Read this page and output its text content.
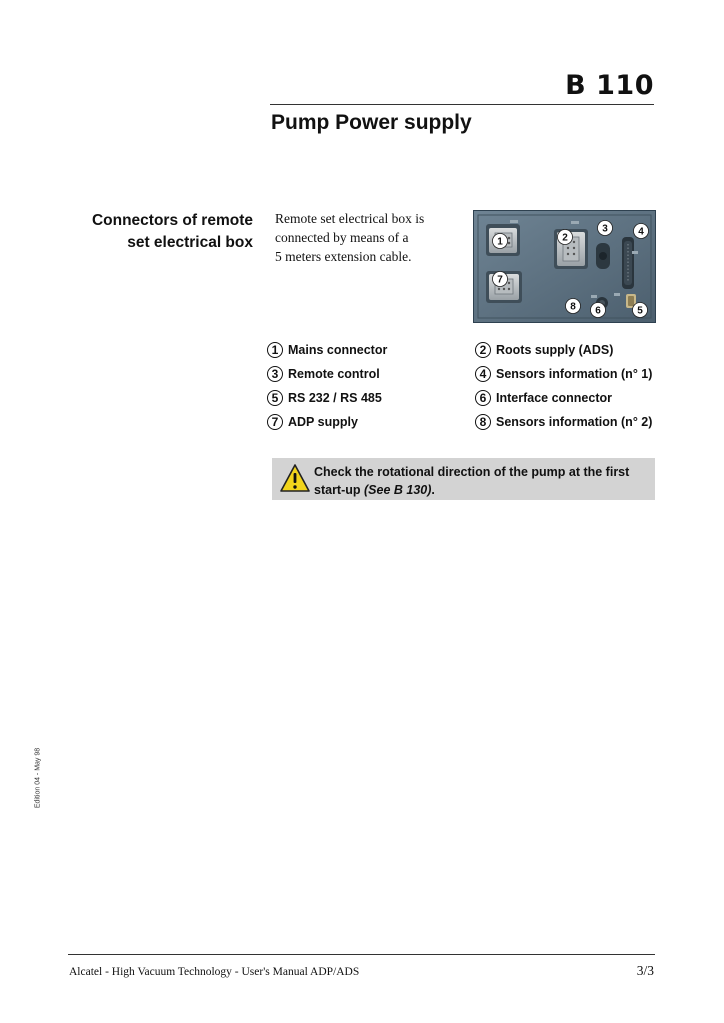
B 110
Pump Power supply
Connectors of remote
set electrical box
Remote set electrical box is
connected by means of a
5 meters extension cable.
1	2
3	4
5
6
7
8
1 Mains connector	2 Roots supply (ADS)
3 Remote control	4 Sensors information (n° 1)
5 RS 232 / RS 485	6 Interface connector
7 ADP supply	8 Sensors information (n° 2)
Check the rotational direction of the pump at the first start-up (See B 130).
Edition 04 - May 98
Alcatel - High Vacuum Technology - User's Manual ADP/ADS	3/3
